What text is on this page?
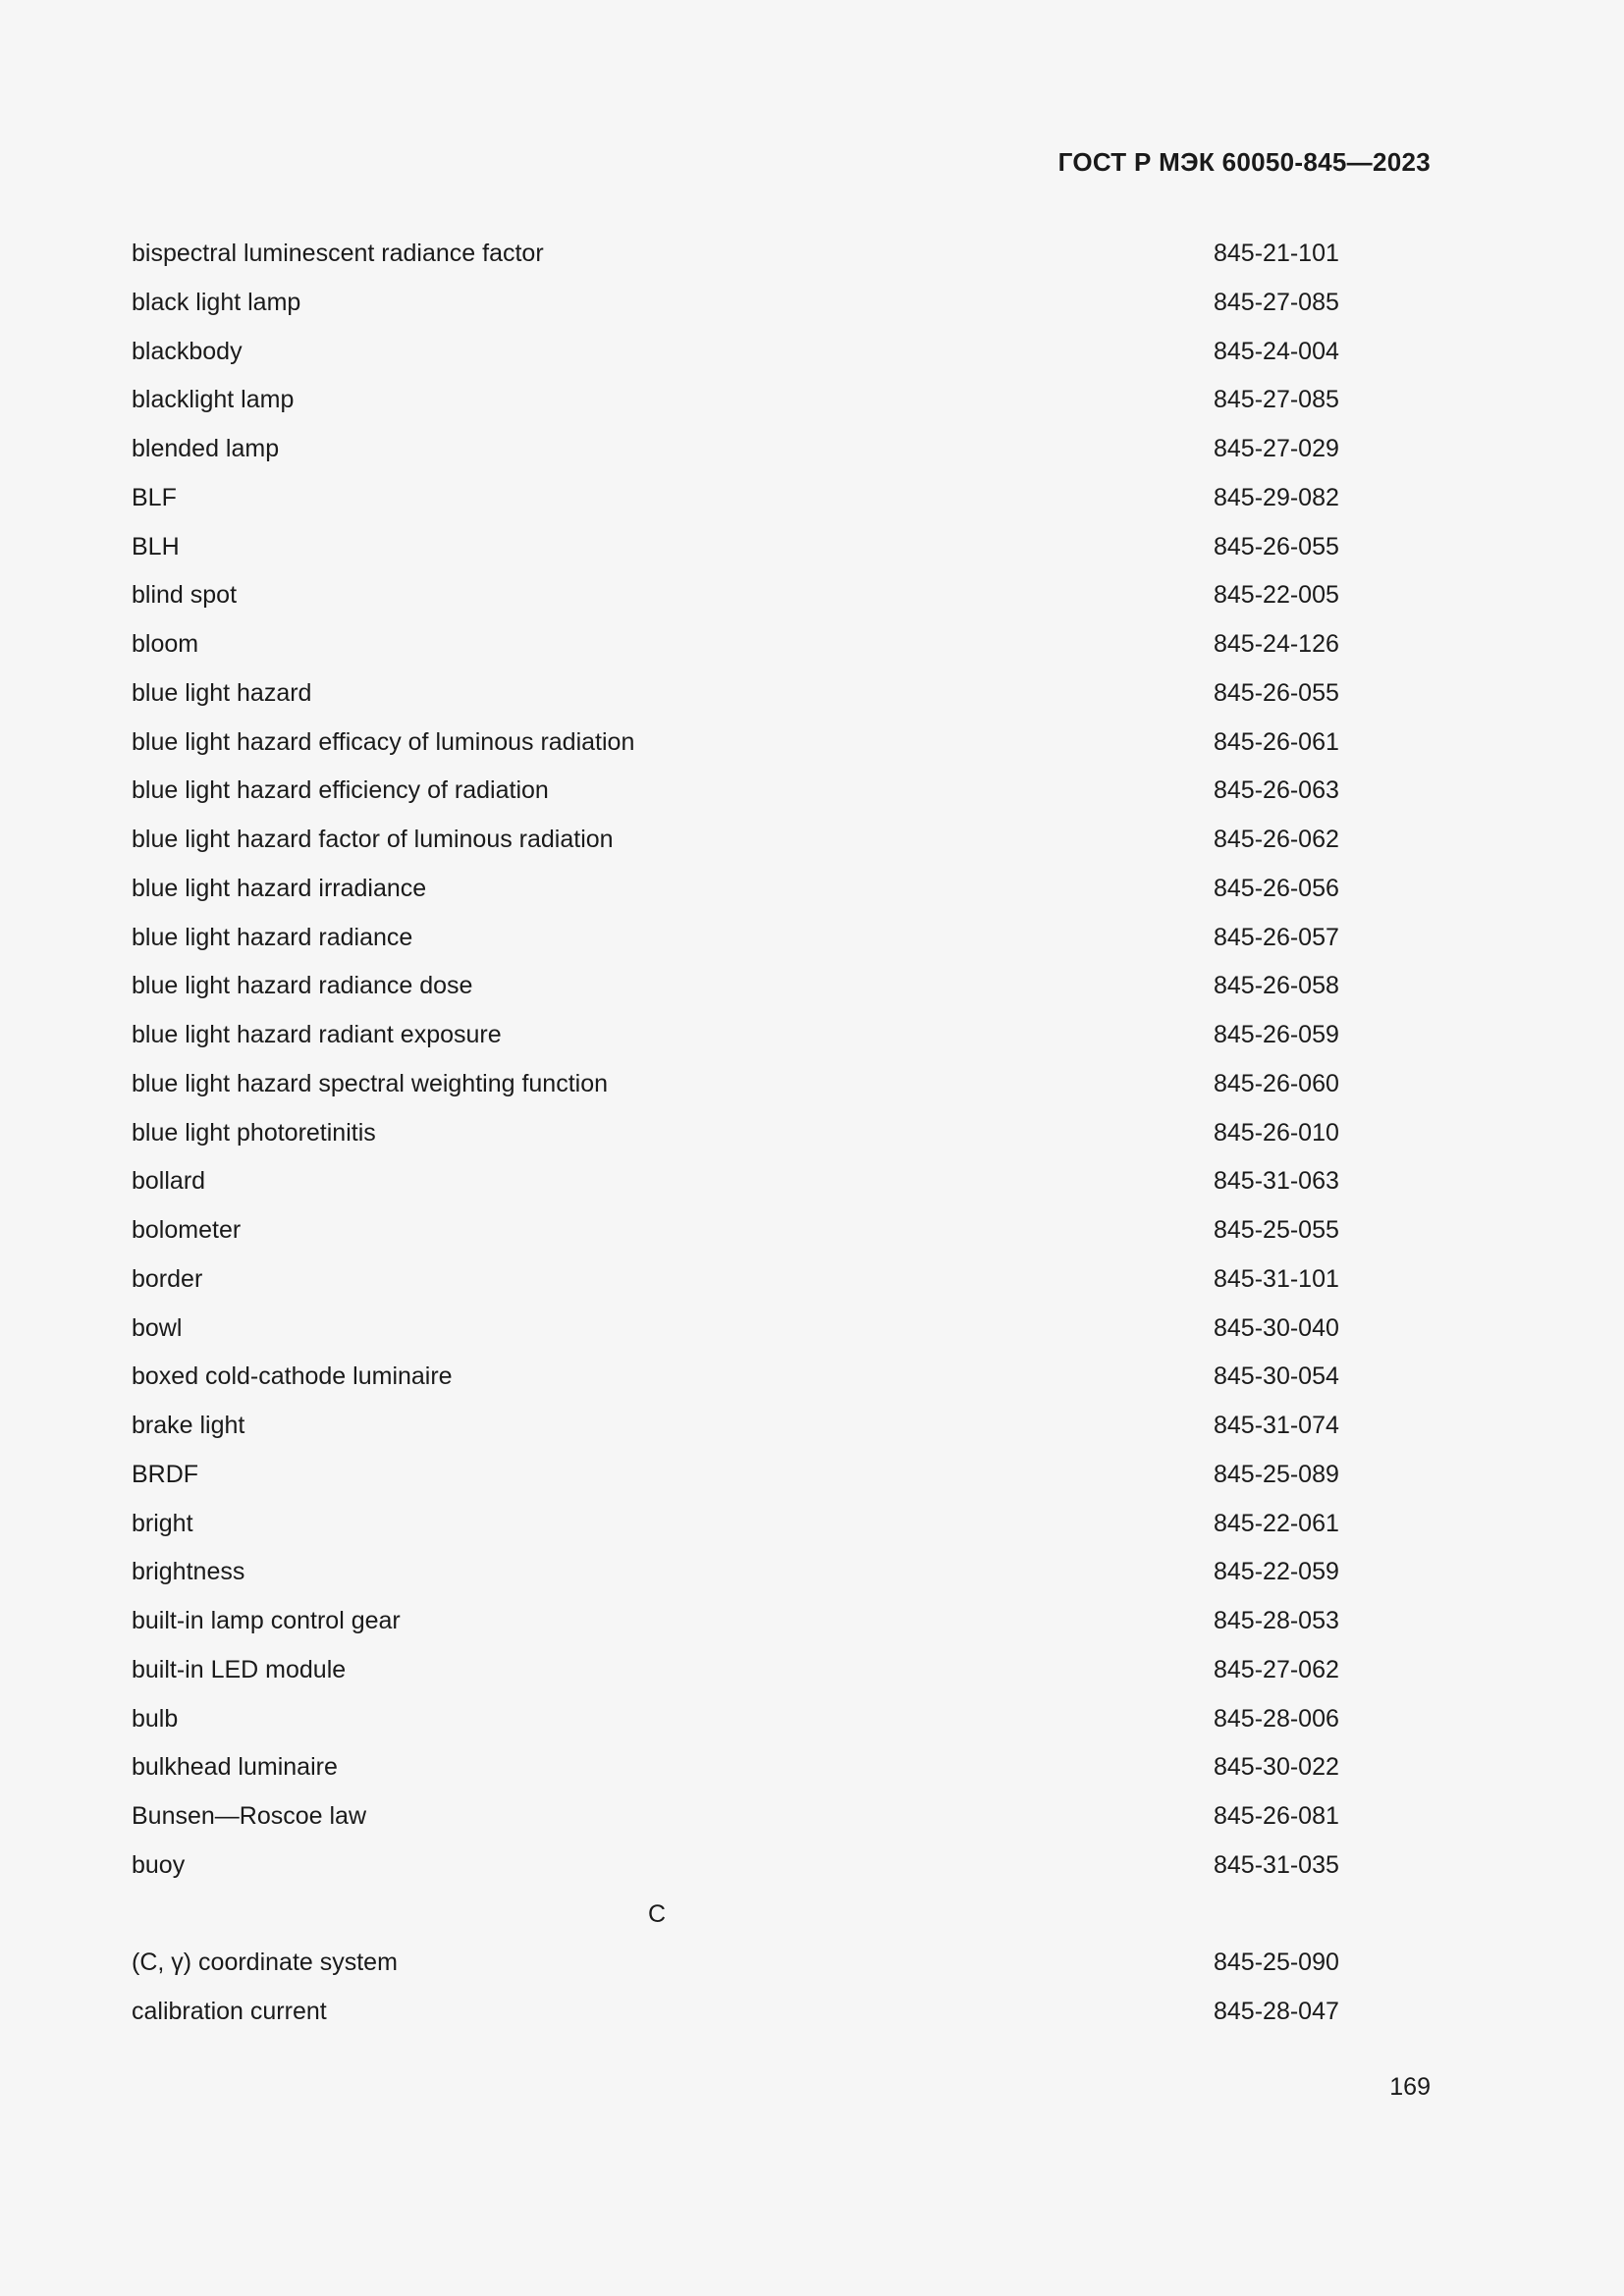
ГОСТ Р МЭК 60050-845—2023
bispectral luminescent radiance factor	845-21-101
black light lamp	845-27-085
blackbody	845-24-004
blacklight lamp	845-27-085
blended lamp	845-27-029
BLF	845-29-082
BLH	845-26-055
blind spot	845-22-005
bloom	845-24-126
blue light hazard	845-26-055
blue light hazard efficacy of luminous radiation	845-26-061
blue light hazard efficiency of radiation	845-26-063
blue light hazard factor of luminous radiation	845-26-062
blue light hazard irradiance	845-26-056
blue light hazard radiance	845-26-057
blue light hazard radiance dose	845-26-058
blue light hazard radiant exposure	845-26-059
blue light hazard spectral weighting function	845-26-060
blue light photoretinitis	845-26-010
bollard	845-31-063
bolometer	845-25-055
border	845-31-101
bowl	845-30-040
boxed cold-cathode luminaire	845-30-054
brake light	845-31-074
BRDF	845-25-089
bright	845-22-061
brightness	845-22-059
built-in lamp control gear	845-28-053
built-in LED module	845-27-062
bulb	845-28-006
bulkhead luminaire	845-30-022
Bunsen—Roscoe law	845-26-081
buoy	845-31-035
C
(C, γ) coordinate system	845-25-090
calibration current	845-28-047
169
